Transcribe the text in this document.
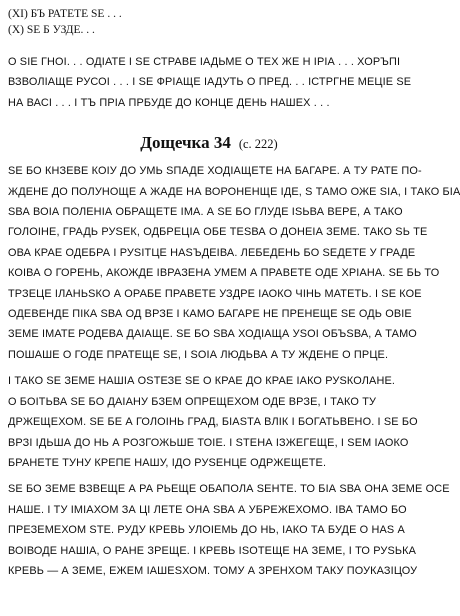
(XI) БЪ РАТЕТЕ ЅЕ . . .

(X) ЅЕ Б УЗДЕ. . .

О ЅІЕ ГНОІ. . . ОДІАТЕ І ЅЕ СТРАВЕ ІАДЬМЕ О ТЕХ ЖЕ Н ІРІА . . . ХОРЪПІ
ВЗВОЛІАЩЕ РУСОІ . . . І ЅЕ ФРІАЩЕ ІАДУТЬ О ПРЕД. . . ІСТРГНЕ МЕЦІЕ ЅЕ
НА ВАСІ . . . І ТЪ ПРІА ПРБУДЕ ДО КОНЦЕ ДЕНЬ НАШЕХ . . .

Дощечка 34 (с. 222)

ЅЕ БО КНЗЕВЕ КОІУ ДО УМЬ ЅПАДЕ ХОДІАЩЕТЕ НА БАГАРЕ. А ТУ РАТЕ ПО-
ЖДЕНЕ ДО ПОЛУНОЩЕ А ЖАДЕ НА ВОРОНЕНЩЕ ІДЕ, Ѕ ТАМО ОЖЕ ЅІА, І ТАКО БІА
ЅВА ВОІА ПОЛЕНІА ОБРАЩЕТЕ ІМА. А ЅЕ БО ГЛУДЕ ІЅЬВА ВЕРЕ, А ТАКО
ГОЛОІНЕ, ГРАДЬ РУЅЕК, ОДБРЕЦІА ОБЕ ТЕЅВА О ДОНЕІА ЗЕМЕ. ТАКО ЅЬ ТЕ
ОВА КРАЕ ОДЕБРА І РУЅІТЦЕ НАЅЪДЕІВА. ЛЕБЕДЕНЬ БО ЅЕДЕТЕ У ГРАДЕ
КОІВА О ГОРЕНЬ, АКОЖДЕ ІВРАЗЕНА УМЕМ А ПРАВЕТЕ ОДЕ ХРІАНА. ЅЕ БЬ ТО
ТРЗЕЦЕ ІЛАНЬЅКО А ОРАБЕ ПРАВЕТЕ УЗДРЕ ІАОКО ЧІНЬ МАТЕТЬ. І ЅЕ КОЕ
ОДЕВЕНДЕ ПІКА ЅВА ОД ВРЗЕ І КАМО БАГАРЕ НЕ ПРЕНЕЩЕ ЅЕ ОДЬ ОВІЕ
ЗЕМЕ ІМАТЕ РОДЕВА ДАІАЩЕ. ЅЕ БО ЅВА ХОДІАЩА УЅОІ ОБЪЅВА, А ТАМО
ПОШАШЕ О ГОДЕ ПРАТЕЩЕ ЅЕ, І ЅОІА ЛЮДЬВА А ТУ ЖДЕНЕ О ПРЦЕ.

І ТАКО ЅЕ ЗЕМЕ НАШІА ОЅТЕЗЕ ЅЕ О КРАЕ ДО КРАЕ ІАКО РУЅКОЛАНЕ.
О БОІТЬВА ЅЕ БО ДАІАНУ БЗЕМ ОПРЕЩЕХОМ ОДЕ ВРЗЕ, І ТАКО ТУ
ДРЖЕЩЕХОМ. ЅЕ БЕ А ГОЛОІНЬ ГРАД, БІАЅТА ВЛІК І БОГАТЬВЕНО. І ЅЕ БО
ВРЗІ ІДЬША ДО НЬ А РОЗГОЖЬШЕ ТОІЕ. І ЅТЕНА ІЗЖЕГЕЩЕ, І ЅЕМ ІАОКО
БРАНЕТЕ ТУНУ КРЕПЕ НАШУ, ІДО РУЅЕНЦЕ ОДРЖЕЩЕТЕ.

ЅЕ БО ЗЕМЕ ВЗВЕЩЕ А РА РЬЕЩЕ ОБАПОЛА ЅЕНТЕ. ТО БІА ЅВА ОНА ЗЕМЕ ОСЕ
НАШЕ. І ТУ ІМІАХОМ ЗА ЦІ ЛЕТЕ ОНА ЅВА А УБРЕЖЕХОМО. ІВА ТАМО БО
ПРЕЗЕМЕХОМ ЅТЕ. РУДУ КРЕВЬ УЛОІЕМЬ ДО НЬ, ІАКО ТА БУДЕ О НАЅ А
ВОІВОДЕ НАШІА, О РАНЕ ЗРЕЩЕ. І КРЕВЬ ІЅОТЕЩЕ НА ЗЕМЕ, І ТО РУЅЬКА
КРЕВЬ — А ЗЕМЕ, ЕЖЕМ ІАШЕЅХОМ. ТОМУ А ЗРЕНХОМ ТАКУ ПОУКАЗІЦОУ
